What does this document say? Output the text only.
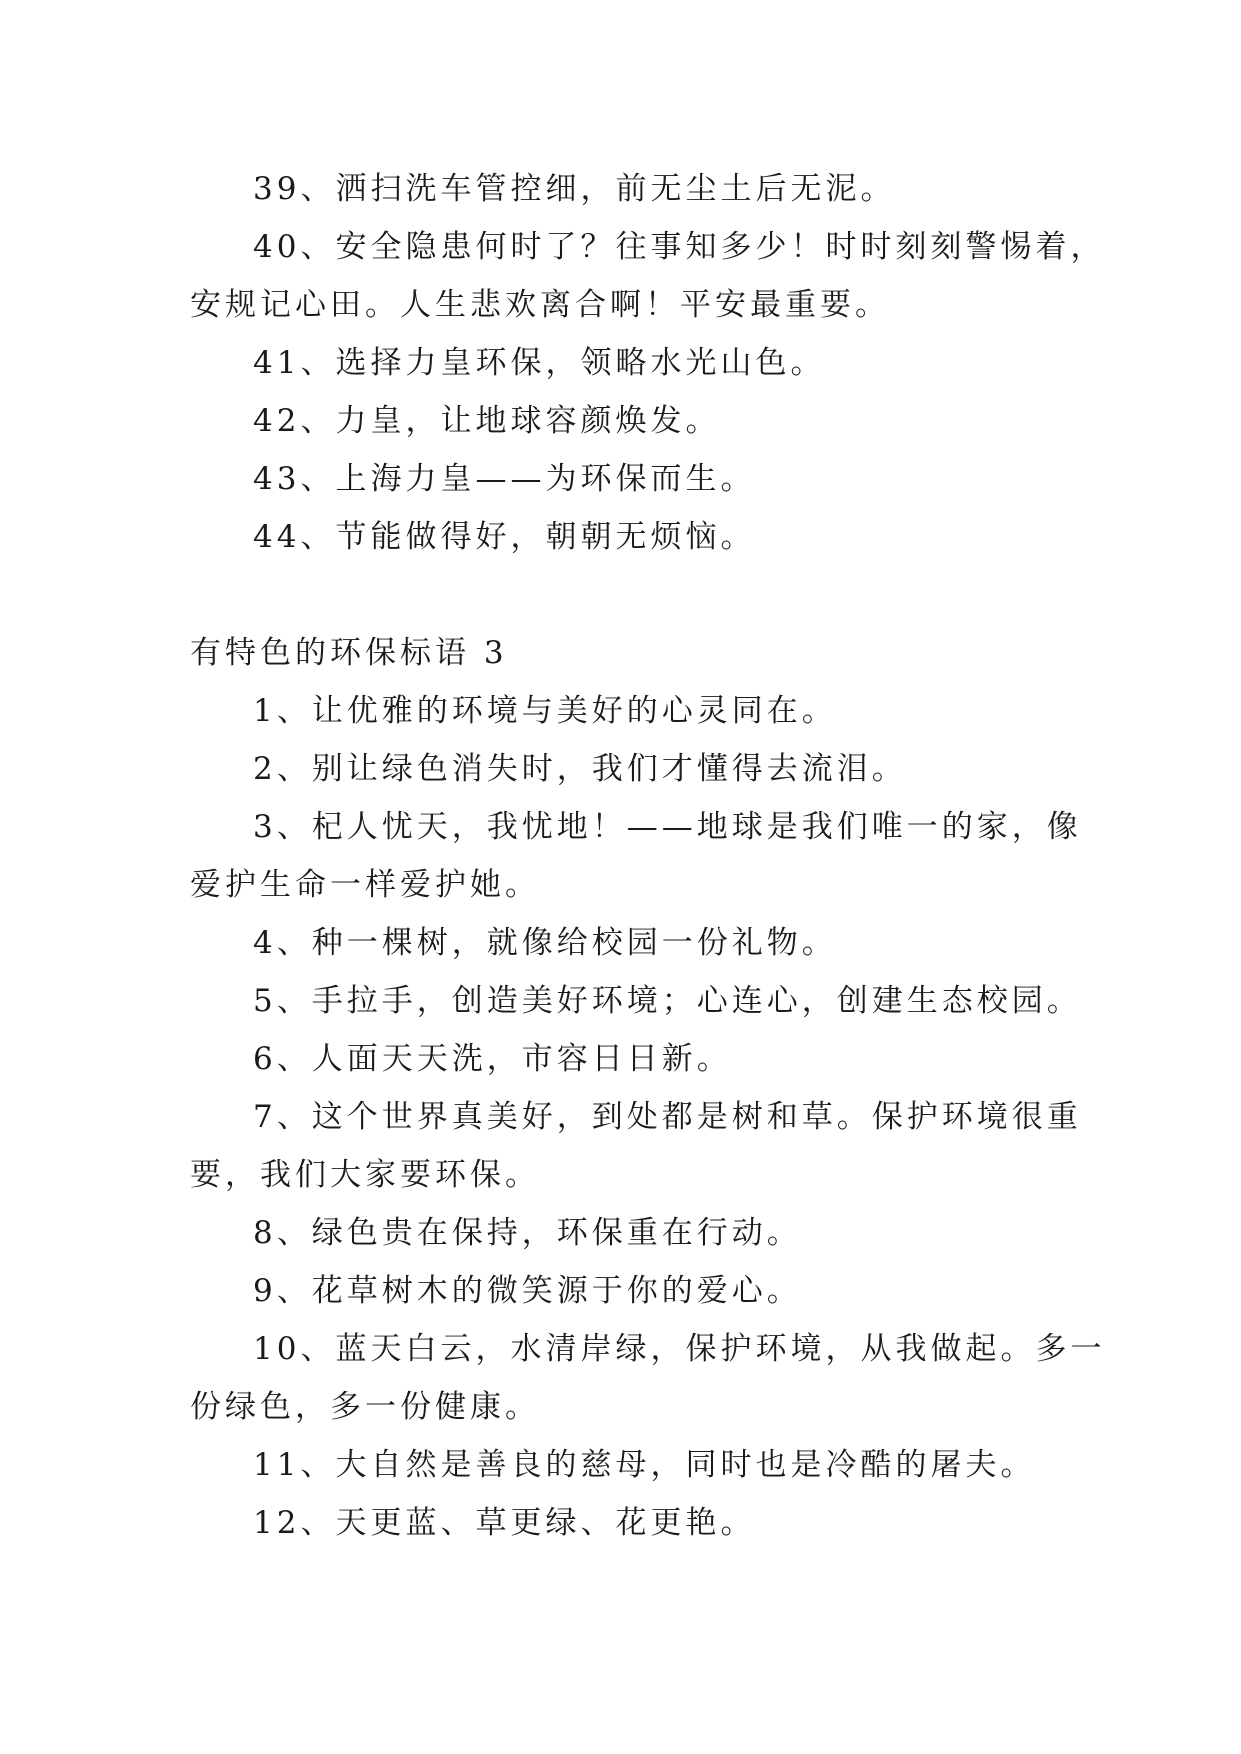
39、洒扫洗车管控细，前无尘土后无泥。

40、安全隐患何时了？往事知多少！时时刻刻警惕着，

安规记心田。人生悲欢离合啊！平安最重要。

41、选择力皇环保，领略水光山色。

42、力皇，让地球容颜焕发。

43、上海力皇——为环保而生。

44、节能做得好，朝朝无烦恼。

有特色的环保标语 3

1、让优雅的环境与美好的心灵同在。

2、别让绿色消失时，我们才懂得去流泪。

3、杞人忧天，我忧地！——地球是我们唯一的家，像

爱护生命一样爱护她。

4、种一棵树，就像给校园一份礼物。

5、手拉手，创造美好环境；心连心，创建生态校园。

6、人面天天洗，市容日日新。

7、这个世界真美好，到处都是树和草。保护环境很重

要，我们大家要环保。

8、绿色贵在保持，环保重在行动。

9、花草树木的微笑源于你的爱心。

10、蓝天白云，水清岸绿，保护环境，从我做起。多一

份绿色，多一份健康。

11、大自然是善良的慈母，同时也是冷酷的屠夫。

12、天更蓝、草更绿、花更艳。
